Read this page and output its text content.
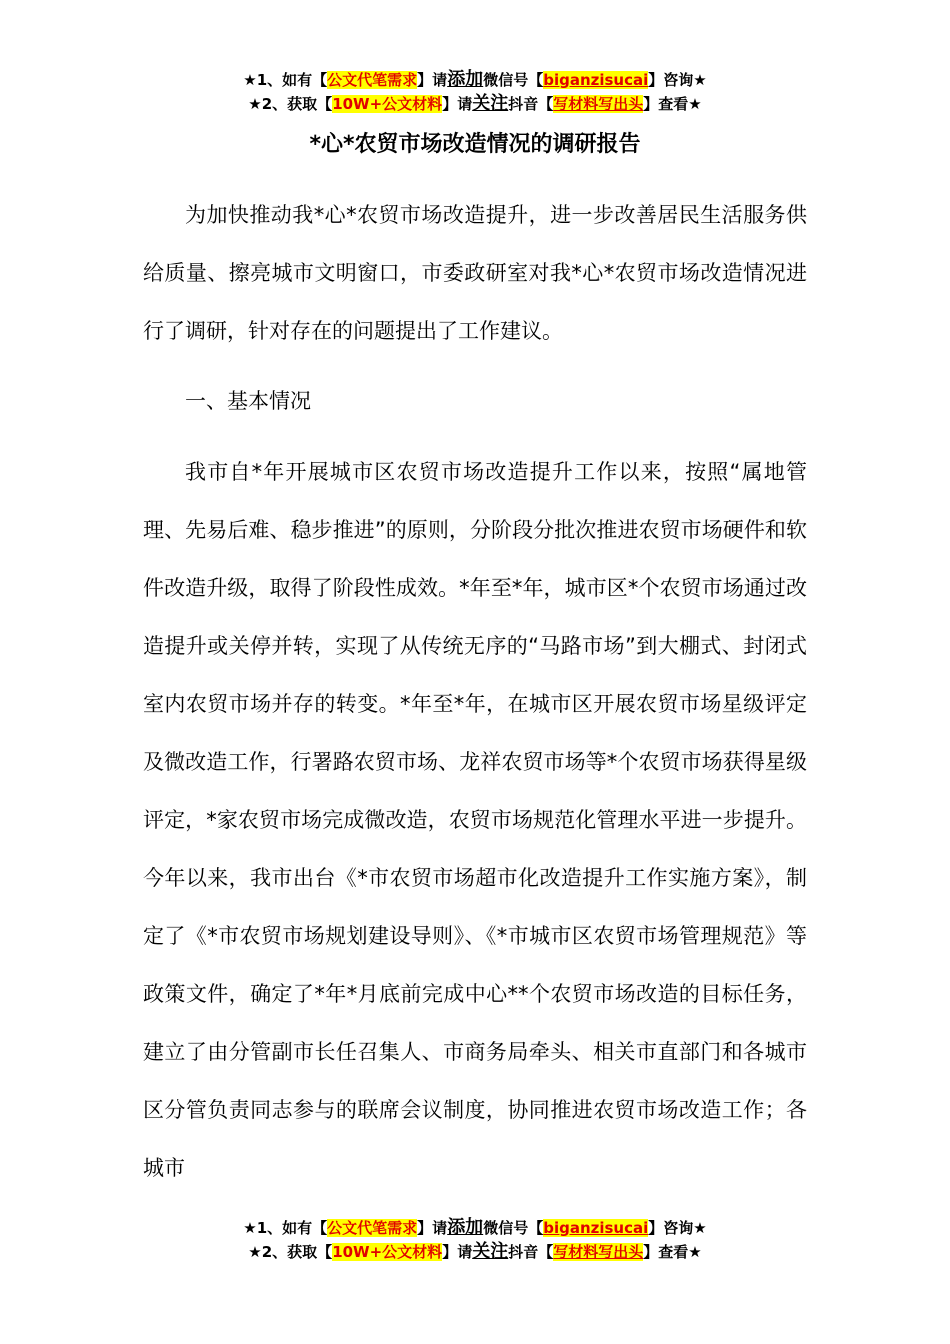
★1、如有【公文代笔需求】请添加微信号【biganzisucai】咨询★
★2、获取【10W+公文材料】请关注抖音【写材料写出头】查看★
*心*农贸市场改造情况的调研报告

为加快推动我*心*农贸市场改造提升，进一步改善居民生活服务供给质量、擦亮城市文明窗口，市委政研室对我*心*农贸市场改造情况进行了调研，针对存在的问题提出了工作建议。

一、基本情况

我市自*年开展城市区农贸市场改造提升工作以来，按照“属地管理、先易后难、稳步推进”的原则，分阶段分批次推进农贸市场硬件和软件改造升级，取得了阶段性成效。*年至*年，城市区*个农贸市场通过改造提升或关停并转，实现了从传统无序的“马路市场”到大棚式、封闭式室内农贸市场并存的转变。*年至*年，在城市区开展农贸市场星级评定及微改造工作，行署路农贸市场、龙祥农贸市场等*个农贸市场获得星级评定，*家农贸市场完成微改造，农贸市场规范化管理水平进一步提升。今年以来，我市出台《*市农贸市场超市化改造提升工作实施方案》，制定了《*市农贸市场规划建设导则》、《*市城市区农贸市场管理规范》等政策文件，确定了*年*月底前完成中心**个农贸市场改造的目标任务，建立了由分管副市长任召集人、市商务局牵头、相关市直部门和各城市区分管负责同志参与的联席会议制度，协同推进农贸市场改造工作；各城市

★1、如有【公文代笔需求】请添加微信号【biganzisucai】咨询★
★2、获取【10W+公文材料】请关注抖音【写材料写出头】查看★
